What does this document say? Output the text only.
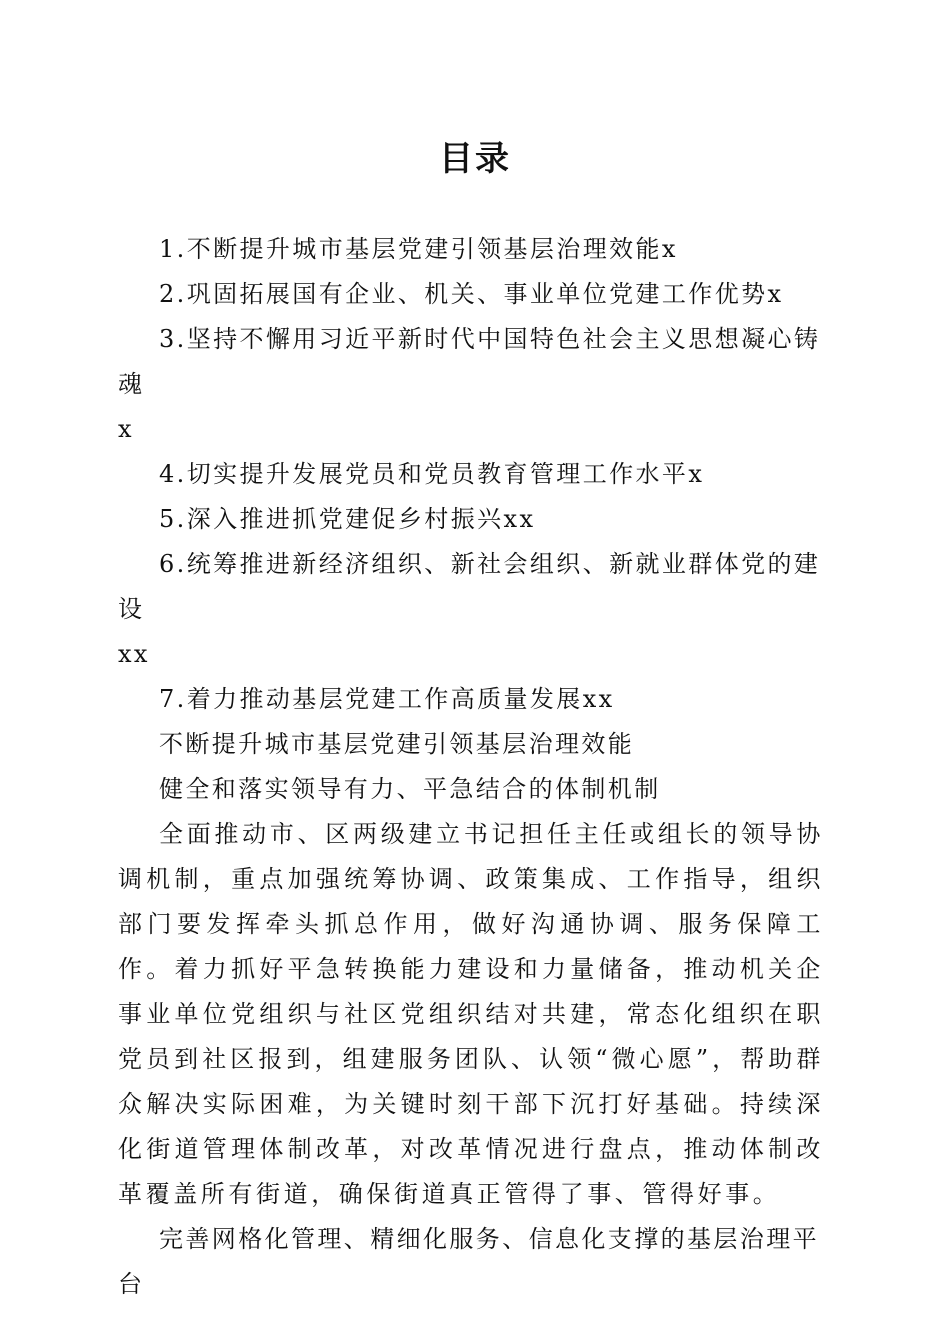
目录

1.不断提升城市基层党建引领基层治理效能x

2.巩固拓展国有企业、机关、事业单位党建工作优势x

3.坚持不懈用习近平新时代中国特色社会主义思想凝心铸魂
x

4.切实提升发展党员和党员教育管理工作水平x

5.深入推进抓党建促乡村振兴xx

6.统筹推进新经济组织、新社会组织、新就业群体党的建设
xx

7.着力推动基层党建工作高质量发展xx

不断提升城市基层党建引领基层治理效能

健全和落实领导有力、平急结合的体制机制

全面推动市、区两级建立书记担任主任或组长的领导协调机制，重点加强统筹协调、政策集成、工作指导，组织部门要发挥牵头抓总作用，做好沟通协调、服务保障工作。着力抓好平急转换能力建设和力量储备，推动机关企事业单位党组织与社区党组织结对共建，常态化组织在职党员到社区报到，组建服务团队、认领“微心愿”，帮助群众解决实际困难，为关键时刻干部下沉打好基础。持续深化街道管理体制改革，对改革情况进行盘点，推动体制改革覆盖所有街道，确保街道真正管得了事、管得好事。

完善网格化管理、精细化服务、信息化支撑的基层治理平台
